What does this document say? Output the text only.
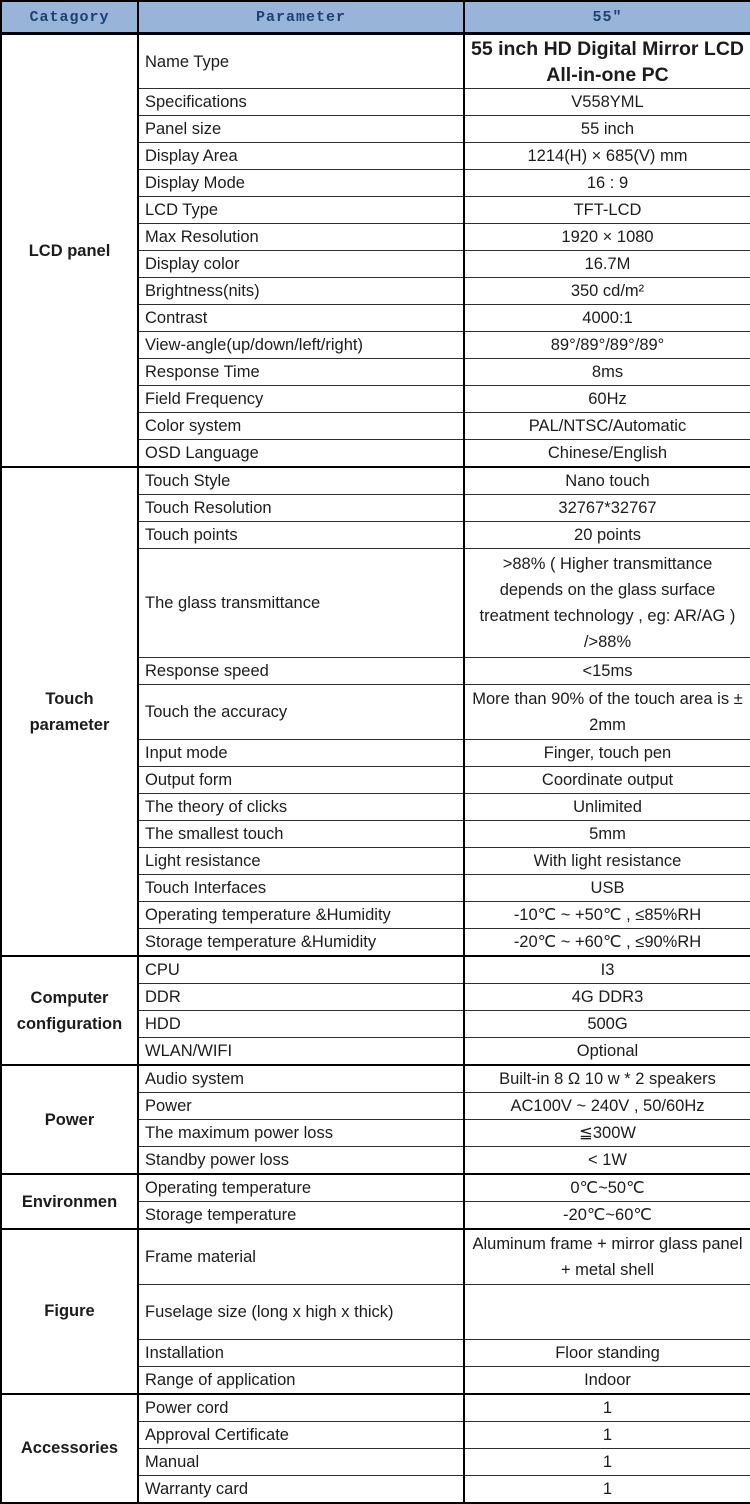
Catagory	Parameter	55"
LCD panel	Name Type	55 inch HD Digital Mirror LCD All-in-one PC
	Specifications	V558YML
	Panel size	55 inch
	Display Area	1214(H) × 685(V) mm
	Display Mode	16 : 9
	LCD Type	TFT-LCD
	Max Resolution	1920 × 1080
	Display color	16.7M
	Brightness(nits)	350 cd/m²
	Contrast	4000:1
	View-angle(up/down/left/right)	89°/89°/89°/89°
	Response Time	8ms
	Field Frequency	60Hz
	Color system	PAL/NTSC/Automatic
	OSD Language	Chinese/English
Touch parameter	Touch Style	Nano touch
	Touch Resolution	32767*32767
	Touch points	20 points
	The glass transmittance	>88% ( Higher transmittance depends on the glass surface treatment technology , eg: AR/AG ) />88%
	Response speed	<15ms
	Touch the accuracy	More than 90% of the touch area is ± 2mm
	Input mode	Finger, touch pen
	Output form	Coordinate output
	The theory of clicks	Unlimited
	The smallest touch	5mm
	Light resistance	With light resistance
	Touch Interfaces	USB
	Operating temperature &Humidity	-10℃ ~ +50℃ , ≤85%RH
	Storage temperature &Humidity	-20℃ ~ +60℃ , ≤90%RH
Computer configuration	CPU	I3
	DDR	4G DDR3
	HDD	500G
	WLAN/WIFI	Optional
Power	Audio system	Built-in 8 Ω 10 w * 2 speakers
	Power	AC100V ~ 240V , 50/60Hz
	The maximum power loss	≦300W
	Standby power loss	< 1W
Environmen	Operating temperature	0℃~50℃
	Storage temperature	-20℃~60℃
Figure	Frame material	Aluminum frame + mirror glass panel + metal shell
	Fuselage size (long x high x thick)	
	Installation	Floor standing
	Range of application	Indoor
Accessories	Power cord	1
	Approval Certificate	1
	Manual	1
	Warranty card	1
